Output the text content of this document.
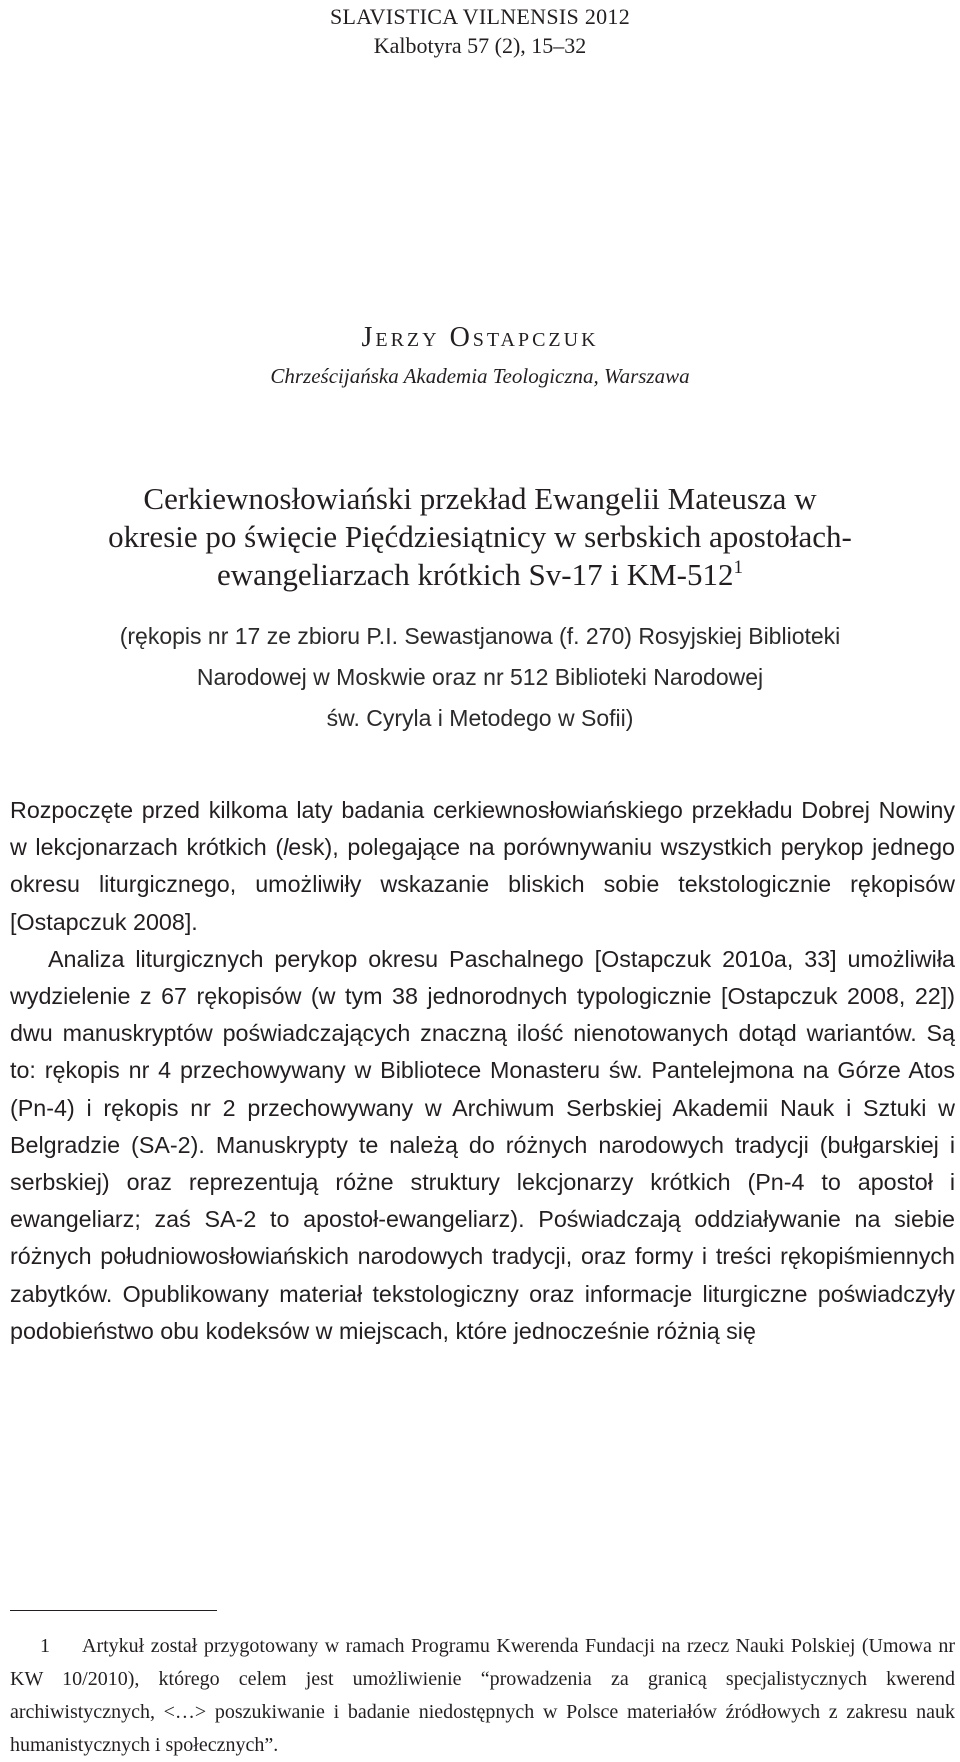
SLAVISTICA VILNENSIS 2012
Kalbotyra 57 (2), 15–32
Jerzy Ostapczuk
Chrześcijańska Akademia Teologiczna, Warszawa
Cerkiewnosłowiański przekład Ewangelii Mateusza w
okresie po święcie Pięćdziesiątnicy w serbskich apostołach-
ewangeliarzach krótkich Sv-17 i $KM-512^1$
(rękopis nr 17 ze zbioru P.I. Sewastjanowa (f. 270) Rosyjskiej Biblioteki
Narodowej w Moskwie oraz nr 512 Biblioteki Narodowej
św. Cyryla i Metodego w Sofii)

Rozpoczęte przed kilkoma laty badania cerkiewnosłowiańskiego przekładu Dobrej Nowiny w lekcjonarzach krótkich (lesk), polegające na porównywaniu wszystkich perykop jednego okresu liturgicznego, umożliwiły wskazanie bliskich sobie tekstologicznie rękopisów [Ostapczuk 2008].

Analiza liturgicznych perykop okresu Paschalnego [Ostapczuk 2010a, 33] umożliwiła wydzielenie z 67 rękopisów (w tym 38 jednorodnych typologicznie [Ostapczuk 2008, 22]) dwu manuskryptów poświadczających znaczną ilość nienotowanych dotąd wariantów. Są to: rękopis nr 4 przechowywany w Bibliotece Monasteru św. Pantelejmona na Górze Atos (Pn-4) i rękopis nr 2 przechowywany w Archiwum Serbskiej Akademii Nauk i Sztuki w Belgradzie (SA-2). Manuskrypty te należą do różnych narodowych tradycji (bułgarskiej i serbskiej) oraz reprezentują różne struktury lekcjonarzy krótkich (Pn-4 to apostoł i ewangeliarz; zaś SA-2 to apostoł-ewangeliarz). Poświadczają oddziaływanie na siebie różnych południowosłowiańskich narodowych tradycji, oraz formy i treści rękopiśmiennych zabytków. Opublikowany materiał tekstologiczny oraz informacje liturgiczne poświadczyły podobieństwo obu kodeksów w miejscach, które jednocześnie różnią się

1 Artykuł został przygotowany w ramach Programu Kwerenda Fundacji na rzecz Nauki Polskiej (Umowa nr KW 10/2010), którego celem jest umożliwienie “prowadzenia za granicą specjalistycznych kwerend archiwistycznych, <…> poszukiwanie i badanie niedostępnych w Polsce materiałów źródłowych z zakresu nauk humanistycznych i społecznych”.
